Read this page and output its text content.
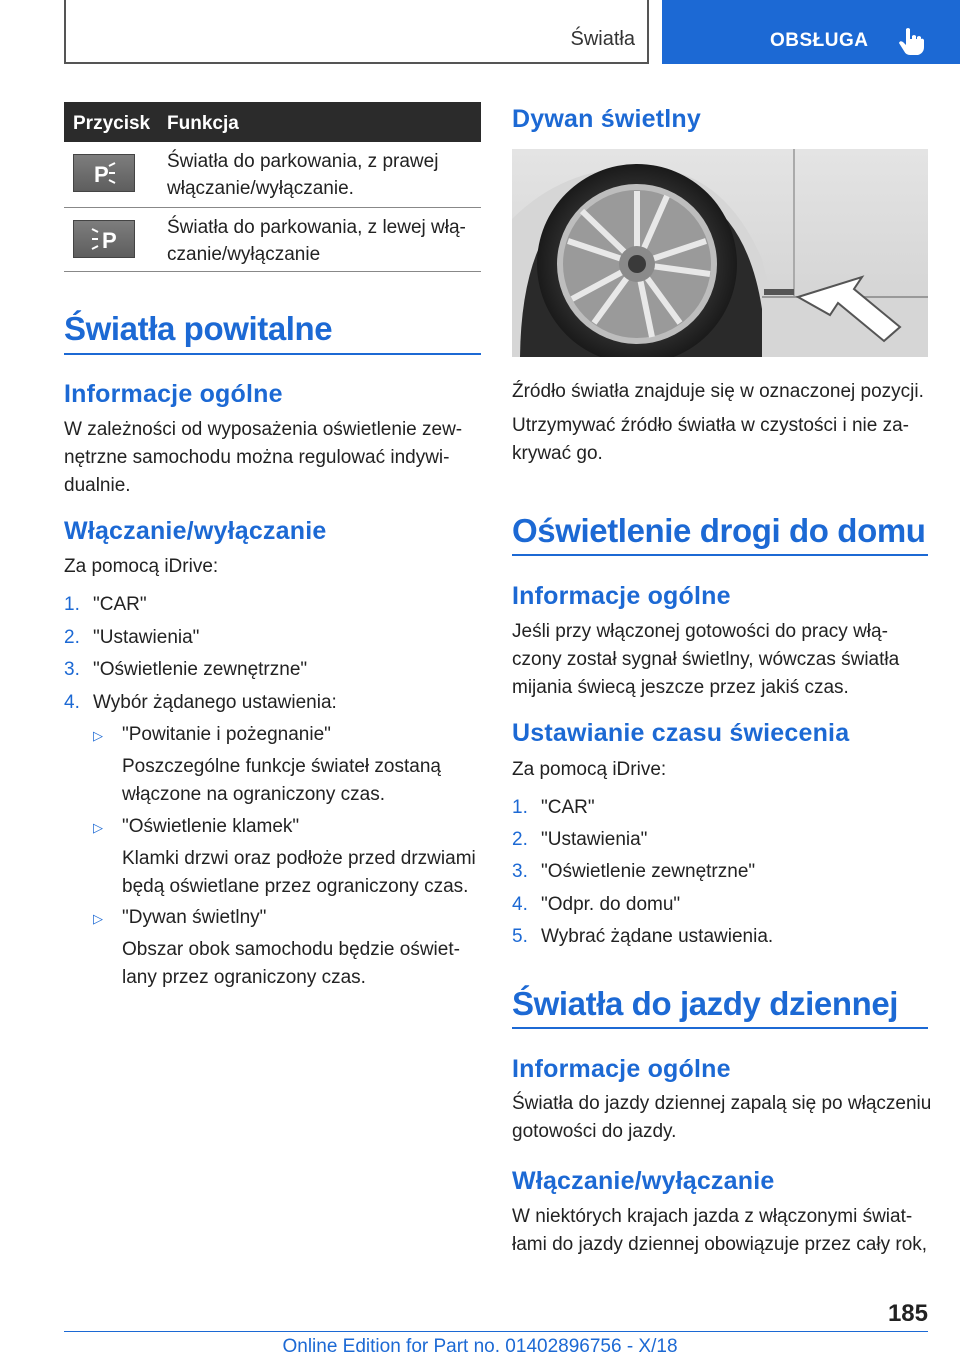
Światła	OBSŁUGA
Przycisk Funkcja
P
Światła do parkowania, z prawej
włączanie/wyłączanie.
P
Światła do parkowania, z lewej włą-
czanie/wyłączanie
Światła powitalne
Informacje ogólne
W zależności od wyposażenia oświetlenie zew-
nętrzne samochodu można regulować indywi-
dualnie.
Włączanie/wyłączanie
Za pomocą iDrive:
1. "CAR"
2. "Ustawienia"
3. "Oświetlenie zewnętrzne"
4. Wybór żądanego ustawienia:
▷ "Powitanie i pożegnanie"
Poszczególne funkcje świateł zostaną
włączone na ograniczony czas.
▷ "Oświetlenie klamek"
Klamki drzwi oraz podłoże przed drzwiami
będą oświetlane przez ograniczony czas.
▷ "Dywan świetlny"
Obszar obok samochodu będzie oświet-
lany przez ograniczony czas.
Dywan świetlny
Źródło światła znajduje się w oznaczonej pozycji.
Utrzymywać źródło światła w czystości i nie za-
krywać go.
Oświetlenie drogi do domu
Informacje ogólne
Jeśli przy włączonej gotowości do pracy włą-
czony został sygnał świetlny, wówczas światła
mijania świecą jeszcze przez jakiś czas.
Ustawianie czasu świecenia
Za pomocą iDrive:
1. "CAR"
2. "Ustawienia"
3. "Oświetlenie zewnętrzne"
4. "Odpr. do domu"
5. Wybrać żądane ustawienia.
Światła do jazdy dziennej
Informacje ogólne
Światła do jazdy dziennej zapalą się po włączeniu
gotowości do jazdy.
Włączanie/wyłączanie
W niektórych krajach jazda z włączonymi świat-
łami do jazdy dziennej obowiązuje przez cały rok,
185
Online Edition for Part no. 01402896756 - X/18
